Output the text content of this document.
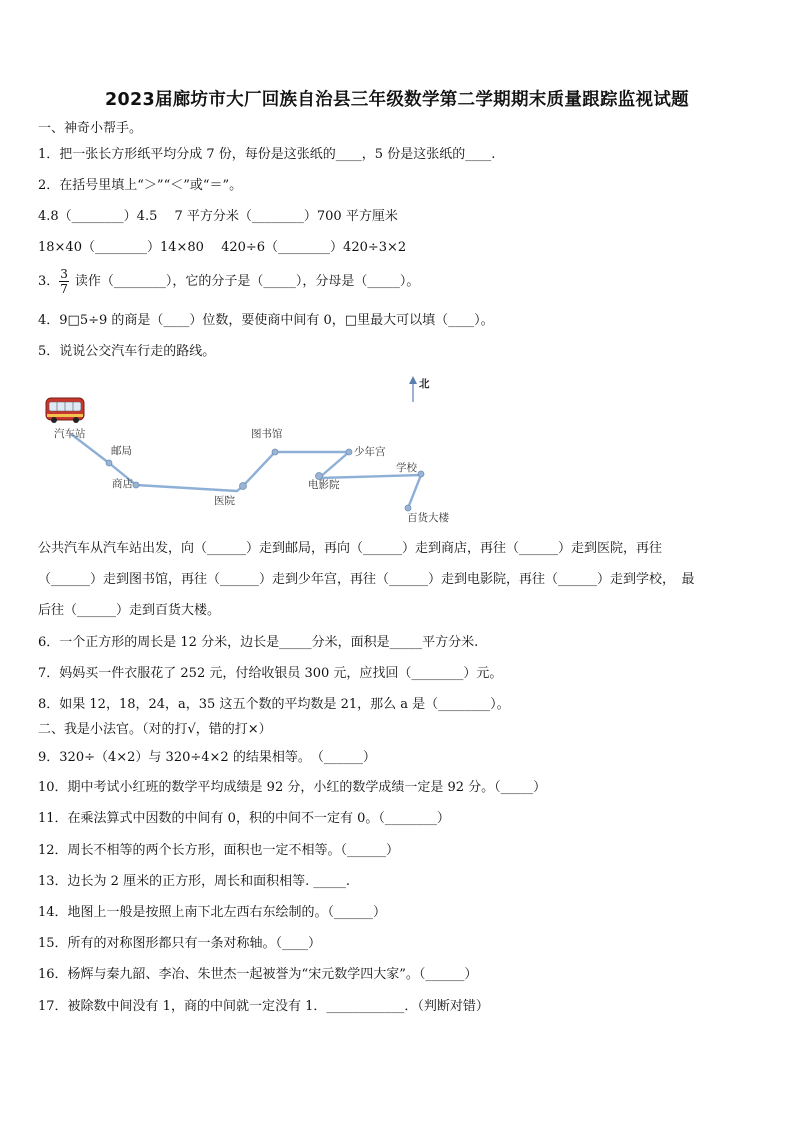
2023届廊坊市大厂回族自治县三年级数学第二学期期末质量跟踪监视试题
一、神奇小帮手。
1．把一张长方形纸平均分成 7 份，每份是这张纸的____，5 份是这张纸的____.
2．在括号里填上“＞”“＜”或“＝”。
4.8（________）4.5　 7 平方分米（________）700 平方厘米
18×40（________）14×80　 420÷6（________）420÷3×2
3． $\frac{3}{7}$ 读作（________），它的分子是（_____），分母是（_____）。
4．9□5÷9 的商是（____）位数，要使商中间有 0，□里最大可以填（____）。
5．说说公交汽车行走的路线。
北
汽车站
邮局
商店
医院
图书馆
少年宫
电影院
学校
百货大楼
公共汽车从汽车站出发，向（______）走到邮局，再向（______）走到商店，再往（______）走到医院，再往
（______）走到图书馆，再往（______）走到少年宫，再往（______）走到电影院，再往（______）走到学校，　最
后往（______）走到百货大楼。
6．一个正方形的周长是 12 分米，边长是_____分米，面积是_____平方分米.
7．妈妈买一件衣服花了 252 元，付给收银员 300 元，应找回（________）元。
8．如果 12，18，24，a，35 这五个数的平均数是 21，那么 a 是（________）。
二、我是小法官。（对的打√，错的打×）
9．320÷（4×2）与 320÷4×2 的结果相等。　（______）
10．期中考试小红班的数学平均成绩是 92 分，小红的数学成绩一定是 92 分。（_____）
11．在乘法算式中因数的中间有 0，积的中间不一定有 0。（________）
12．周长不相等的两个长方形，面积也一定不相等。（______）
13．边长为 2 厘米的正方形，周长和面积相等. _____.
14．地图上一般是按照上南下北左西右东绘制的。（______）
15．所有的对称图形都只有一条对称轴。（____）
16．杨辉与秦九韶、李冶、朱世杰一起被誉为“宋元数学四大家”。（______）
17．被除数中间没有 1，商的中间就一定没有 1．____________．（判断对错）
